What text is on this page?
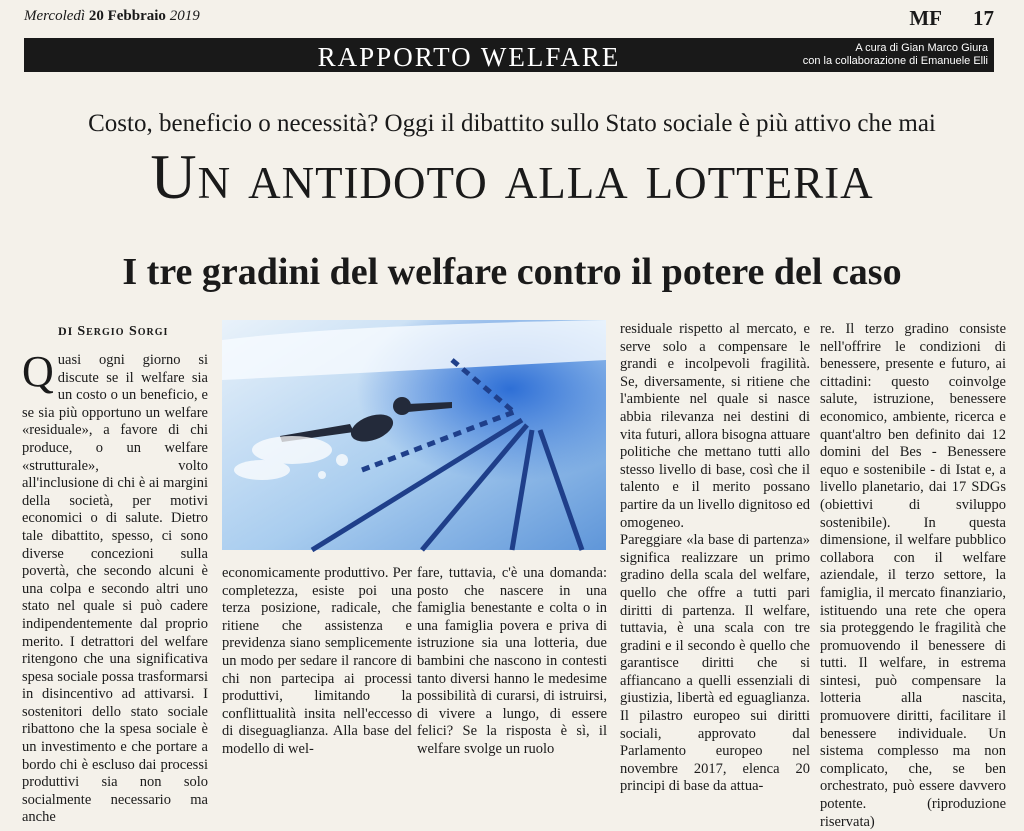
Mercoledì 20 Febbraio 2019	MF 17
RAPPORTO WELFARE	A cura di Gian Marco Giura
con la collaborazione di Emanuele Elli
Costo, beneficio o necessità? Oggi il dibattito sullo Stato sociale è più attivo che mai
Un antidoto alla lotteria
I tre gradini del welfare contro il potere del caso
DI Sergio Sorgi

Quasi ogni giorno si discute se il welfare sia un costo o un beneficio, e se sia più opportuno un welfare «residuale», a favore di chi produce, o un welfare «strutturale», volto all'inclusione di chi è ai margini della società, per motivi economici o di salute. Dietro tale dibattito, spesso, ci sono diverse concezioni sulla povertà, che secondo alcuni è una colpa e secondo altri uno stato nel quale si può cadere indipendentemente dal proprio merito. I detrattori del welfare ritengono che una significativa spesa sociale possa trasformarsi in disincentivo ad attivarsi. I sostenitori dello stato sociale ribattono che la spesa sociale è un investimento e che portare a bordo chi è escluso dai processi produttivi sia non solo socialmente necessario ma anche

economicamente produttivo. Per completezza, esiste poi una terza posizione, radicale, che ritiene che assistenza e previdenza siano semplicemente un modo per sedare il rancore di chi non partecipa ai processi produttivi, limitando la conflittualità insita nell'eccesso di diseguaglianza. Alla base del modello di wel-

fare, tuttavia, c'è una domanda: posto che nascere in una famiglia benestante e colta o in una famiglia povera e priva di istruzione sia una lotteria, due bambini che nascono in contesti tanto diversi hanno le medesime possibilità di curarsi, di istruirsi, di vivere a lungo, di essere felici? Se la risposta è sì, il welfare svolge un ruolo

residuale rispetto al mercato, e serve solo a compensare le grandi e incolpevoli fragilità. Se, diversamente, si ritiene che l'ambiente nel quale si nasce abbia rilevanza nei destini di vita futuri, allora bisogna attuare politiche che mettano tutti allo stesso livello di base, così che il talento e il merito possano partire da un livello dignitoso ed omogeneo.

Pareggiare «la base di partenza» significa realizzare un primo gradino della scala del welfare, quello che offre a tutti pari diritti di partenza. Il welfare, tuttavia, è una scala con tre gradini e il secondo è quello che garantisce diritti che si affiancano a quelli essenziali di giustizia, libertà ed eguaglianza. Il pilastro europeo sui diritti sociali, approvato dal Parlamento europeo nel novembre 2017, elenca 20 principi di base da attua-

re. Il terzo gradino consiste nell'offrire le condizioni di benessere, presente e futuro, ai cittadini: questo coinvolge salute, istruzione, benessere economico, ambiente, ricerca e quant'altro ben definito dai 12 domini del Bes - Benessere equo e sostenibile - di Istat e, a livello planetario, dai 17 SDGs (obiettivi di sviluppo sostenibile). In questa dimensione, il welfare pubblico collabora con il welfare aziendale, il terzo settore, la famiglia, il mercato finanziario, istituendo una rete che opera sia proteggendo le fragilità che promuovendo il benessere di tutti. Il welfare, in estrema sintesi, può compensare la lotteria alla nascita, promuovere diritti, facilitare il benessere individuale. Un sistema complesso ma non complicato, che, se ben orchestrato, può essere davvero potente. (riproduzione riservata)
